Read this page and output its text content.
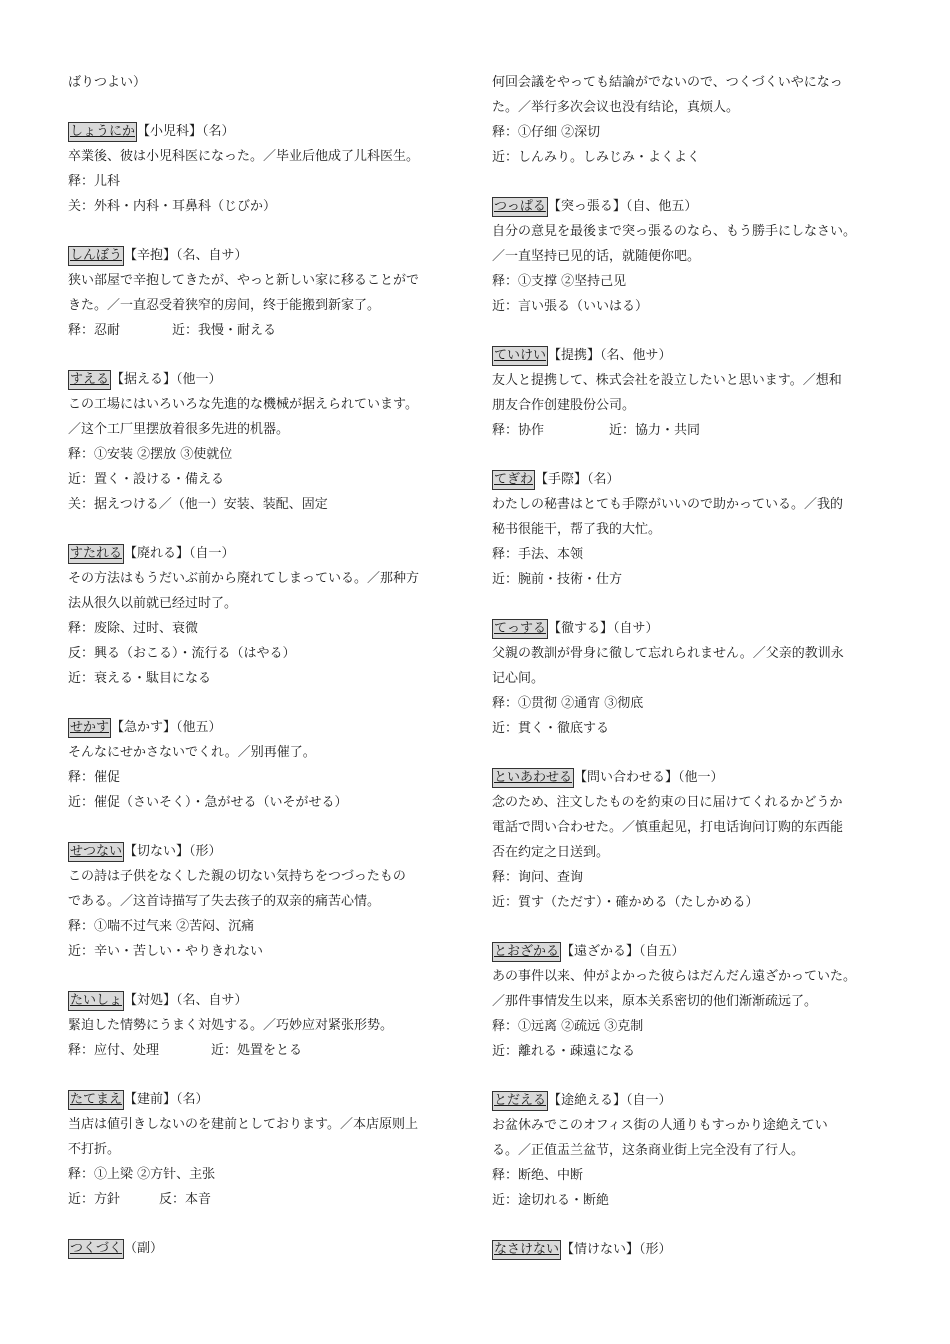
ばりつよい）
しょうにか 【小児科】（名）
卒業後、彼は小児科医になった。／毕业后他成了儿科医生。
释：儿科
关：外科・内科・耳鼻科（じびか）
しんぼう 【辛抱】（名、自サ）
狭い部屋で辛抱してきたが、やっと新しい家に移ることがで
きた。／一直忍受着狭窄的房间，终于能搬到新家了。
释：忍耐　　　　近：我慢・耐える
すえる 【据える】（他一）
この工場にはいろいろな先進的な機械が据えられています。
／这个工厂里摆放着很多先进的机器。
释：①安装 ②摆放 ③使就位
近：置く・設ける・備える
关：据えつける／（他一）安装、装配、固定
すたれる 【廃れる】（自一）
その方法はもうだいぶ前から廃れてしまっている。／那种方
法从很久以前就已经过时了。
释：废除、过时、衰微
反：興る（おこる）・流行る（はやる）
近：衰える・駄目になる
せかす 【急かす】（他五）
そんなにせかさないでくれ。／别再催了。
释：催促
近：催促（さいそく）・急がせる（いそがせる）
せつない 【切ない】（形）
この詩は子供をなくした親の切ない気持ちをつづったもの
である。／这首诗描写了失去孩子的双亲的痛苦心情。
释：①喘不过气来 ②苦闷、沉痛
近：辛い・苦しい・やりきれない
たいしょ 【対処】（名、自サ）
緊迫した情勢にうまく対処する。／巧妙应对紧张形势。
释：应付、处理　　　　近：処置をとる
たてまえ 【建前】（名）
当店は値引きしないのを建前としております。／本店原则上
不打折。
释：①上梁 ②方针、主张
近：方針　　　反：本音
つくづく （副）
何回会議をやっても結論がでないので、つくづくいやになっ
た。／举行多次会议也没有结论，真烦人。
释：①仔细 ②深切
近：しんみり。しみじみ・よくよく
つっぱる 【突っ張る】（自、他五）
自分の意見を最後まで突っ張るのなら、もう勝手にしなさい。
／一直坚持已见的话，就随便你吧。
释：①支撑 ②坚持己见
近：言い張る（いいはる）
ていけい 【提携】（名、他サ）
友人と提携して、株式会社を設立したいと思います。／想和
朋友合作创建股份公司。
释：协作　　　　　近：協力・共同
てぎわ 【手際】（名）
わたしの秘書はとても手際がいいので助かっている。／我的
秘书很能干，帮了我的大忙。
释：手法、本领
近：腕前・技術・仕方
てっする 【徹する】（自サ）
父親の教訓が骨身に徹して忘れられません。／父亲的教训永
记心间。
释：①贯彻 ②通宵 ③彻底
近：貫く・徹底する
といあわせる 【問い合わせる】（他一）
念のため、注文したものを約束の日に届けてくれるかどうか
電話で問い合わせた。／慎重起见，打电话询问订购的东西能
否在约定之日送到。
释：询问、查询
近：質す（ただす）・確かめる（たしかめる）
とおざかる 【遠ざかる】（自五）
あの事件以来、仲がよかった彼らはだんだん遠ざかっていた。
／那件事情发生以来，原本关系密切的他们渐渐疏远了。
释：①远离 ②疏远 ③克制
近：離れる・疎遠になる
とだえる 【途絶える】（自一）
お盆休みでこのオフィス街の人通りもすっかり途絶えてい
る。／正值盂兰盆节，这条商业街上完全没有了行人。
释：断绝、中断
近：途切れる・断絶
なさけない 【情けない】（形）
